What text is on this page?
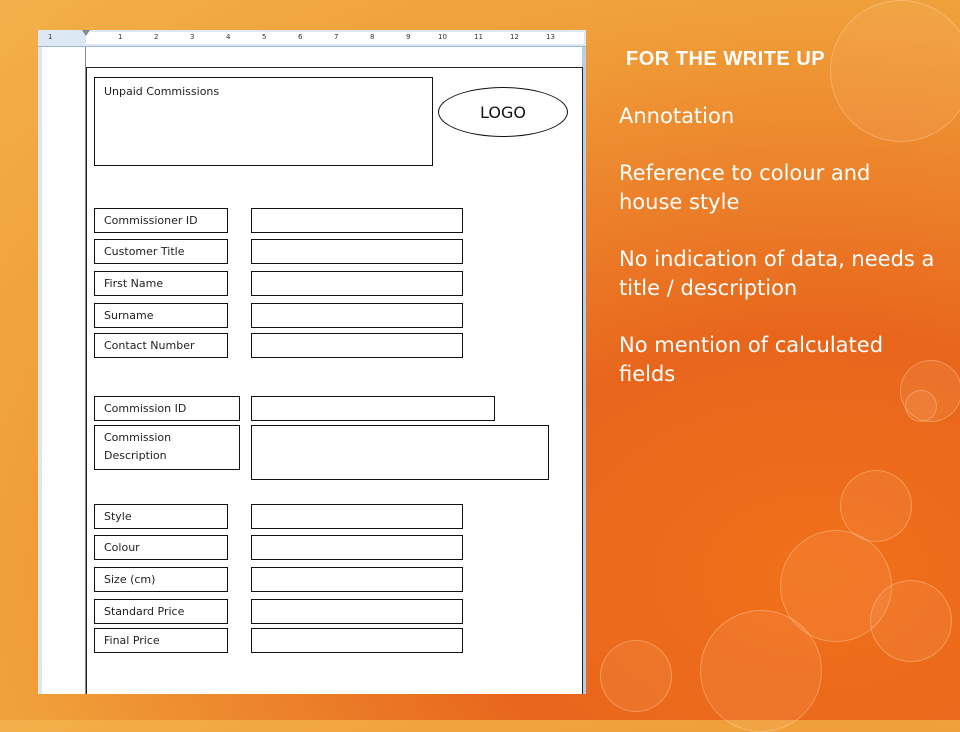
1	1	2	3	4	5	6	7	8	9	10	11	12	13
Unpaid Commissions
LOGO
Commissioner ID
Customer Title
First Name
Surname
Contact Number
Commission ID
Commission Description
Style
Colour
Size (cm)
Standard Price
Final Price
FOR THE WRITE UP

Annotation

Reference to colour and house style

No indication of data, needs a title / description

No mention of calculated fields
